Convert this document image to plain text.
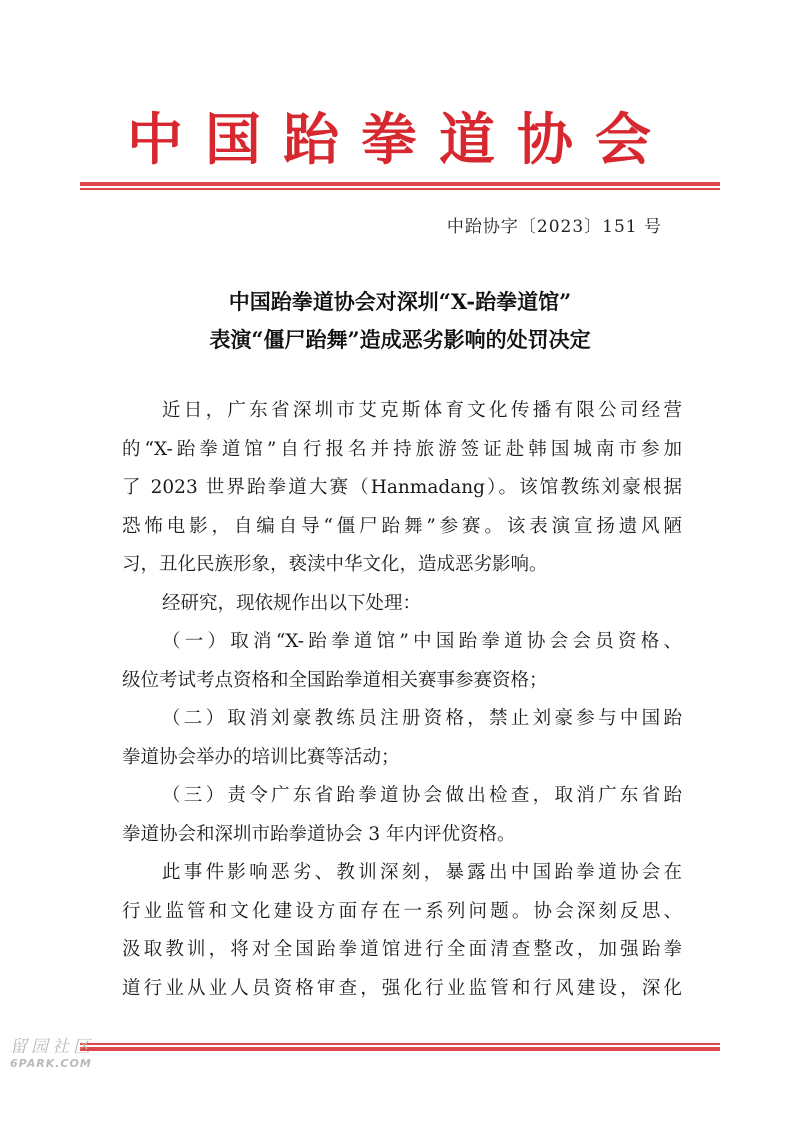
中国跆拳道协会
中跆协字〔2023〕151 号
中国跆拳道协会对深圳“X-跆拳道馆”
表演“僵尸跆舞”造成恶劣影响的处罚决定
近日，广东省深圳市艾克斯体育文化传播有限公司经营
的“X-跆拳道馆”自行报名并持旅游签证赴韩国城南市参加
了 2023 世界跆拳道大赛（Hanmadang）。该馆教练刘豪根据
恐怖电影，自编自导“僵尸跆舞”参赛。该表演宣扬遗风陋
习，丑化民族形象，亵渎中华文化，造成恶劣影响。
经研究，现依规作出以下处理：
（一）取消“X-跆拳道馆”中国跆拳道协会会员资格、
级位考试考点资格和全国跆拳道相关赛事参赛资格；
（二）取消刘豪教练员注册资格，禁止刘豪参与中国跆
拳道协会举办的培训比赛等活动；
（三）责令广东省跆拳道协会做出检查，取消广东省跆
拳道协会和深圳市跆拳道协会 3 年内评优资格。
此事件影响恶劣、教训深刻，暴露出中国跆拳道协会在
行业监管和文化建设方面存在一系列问题。协会深刻反思、
汲取教训，将对全国跆拳道馆进行全面清查整改，加强跆拳
道行业从业人员资格审查，强化行业监管和行风建设，深化
留园社区
6PARK.COM
